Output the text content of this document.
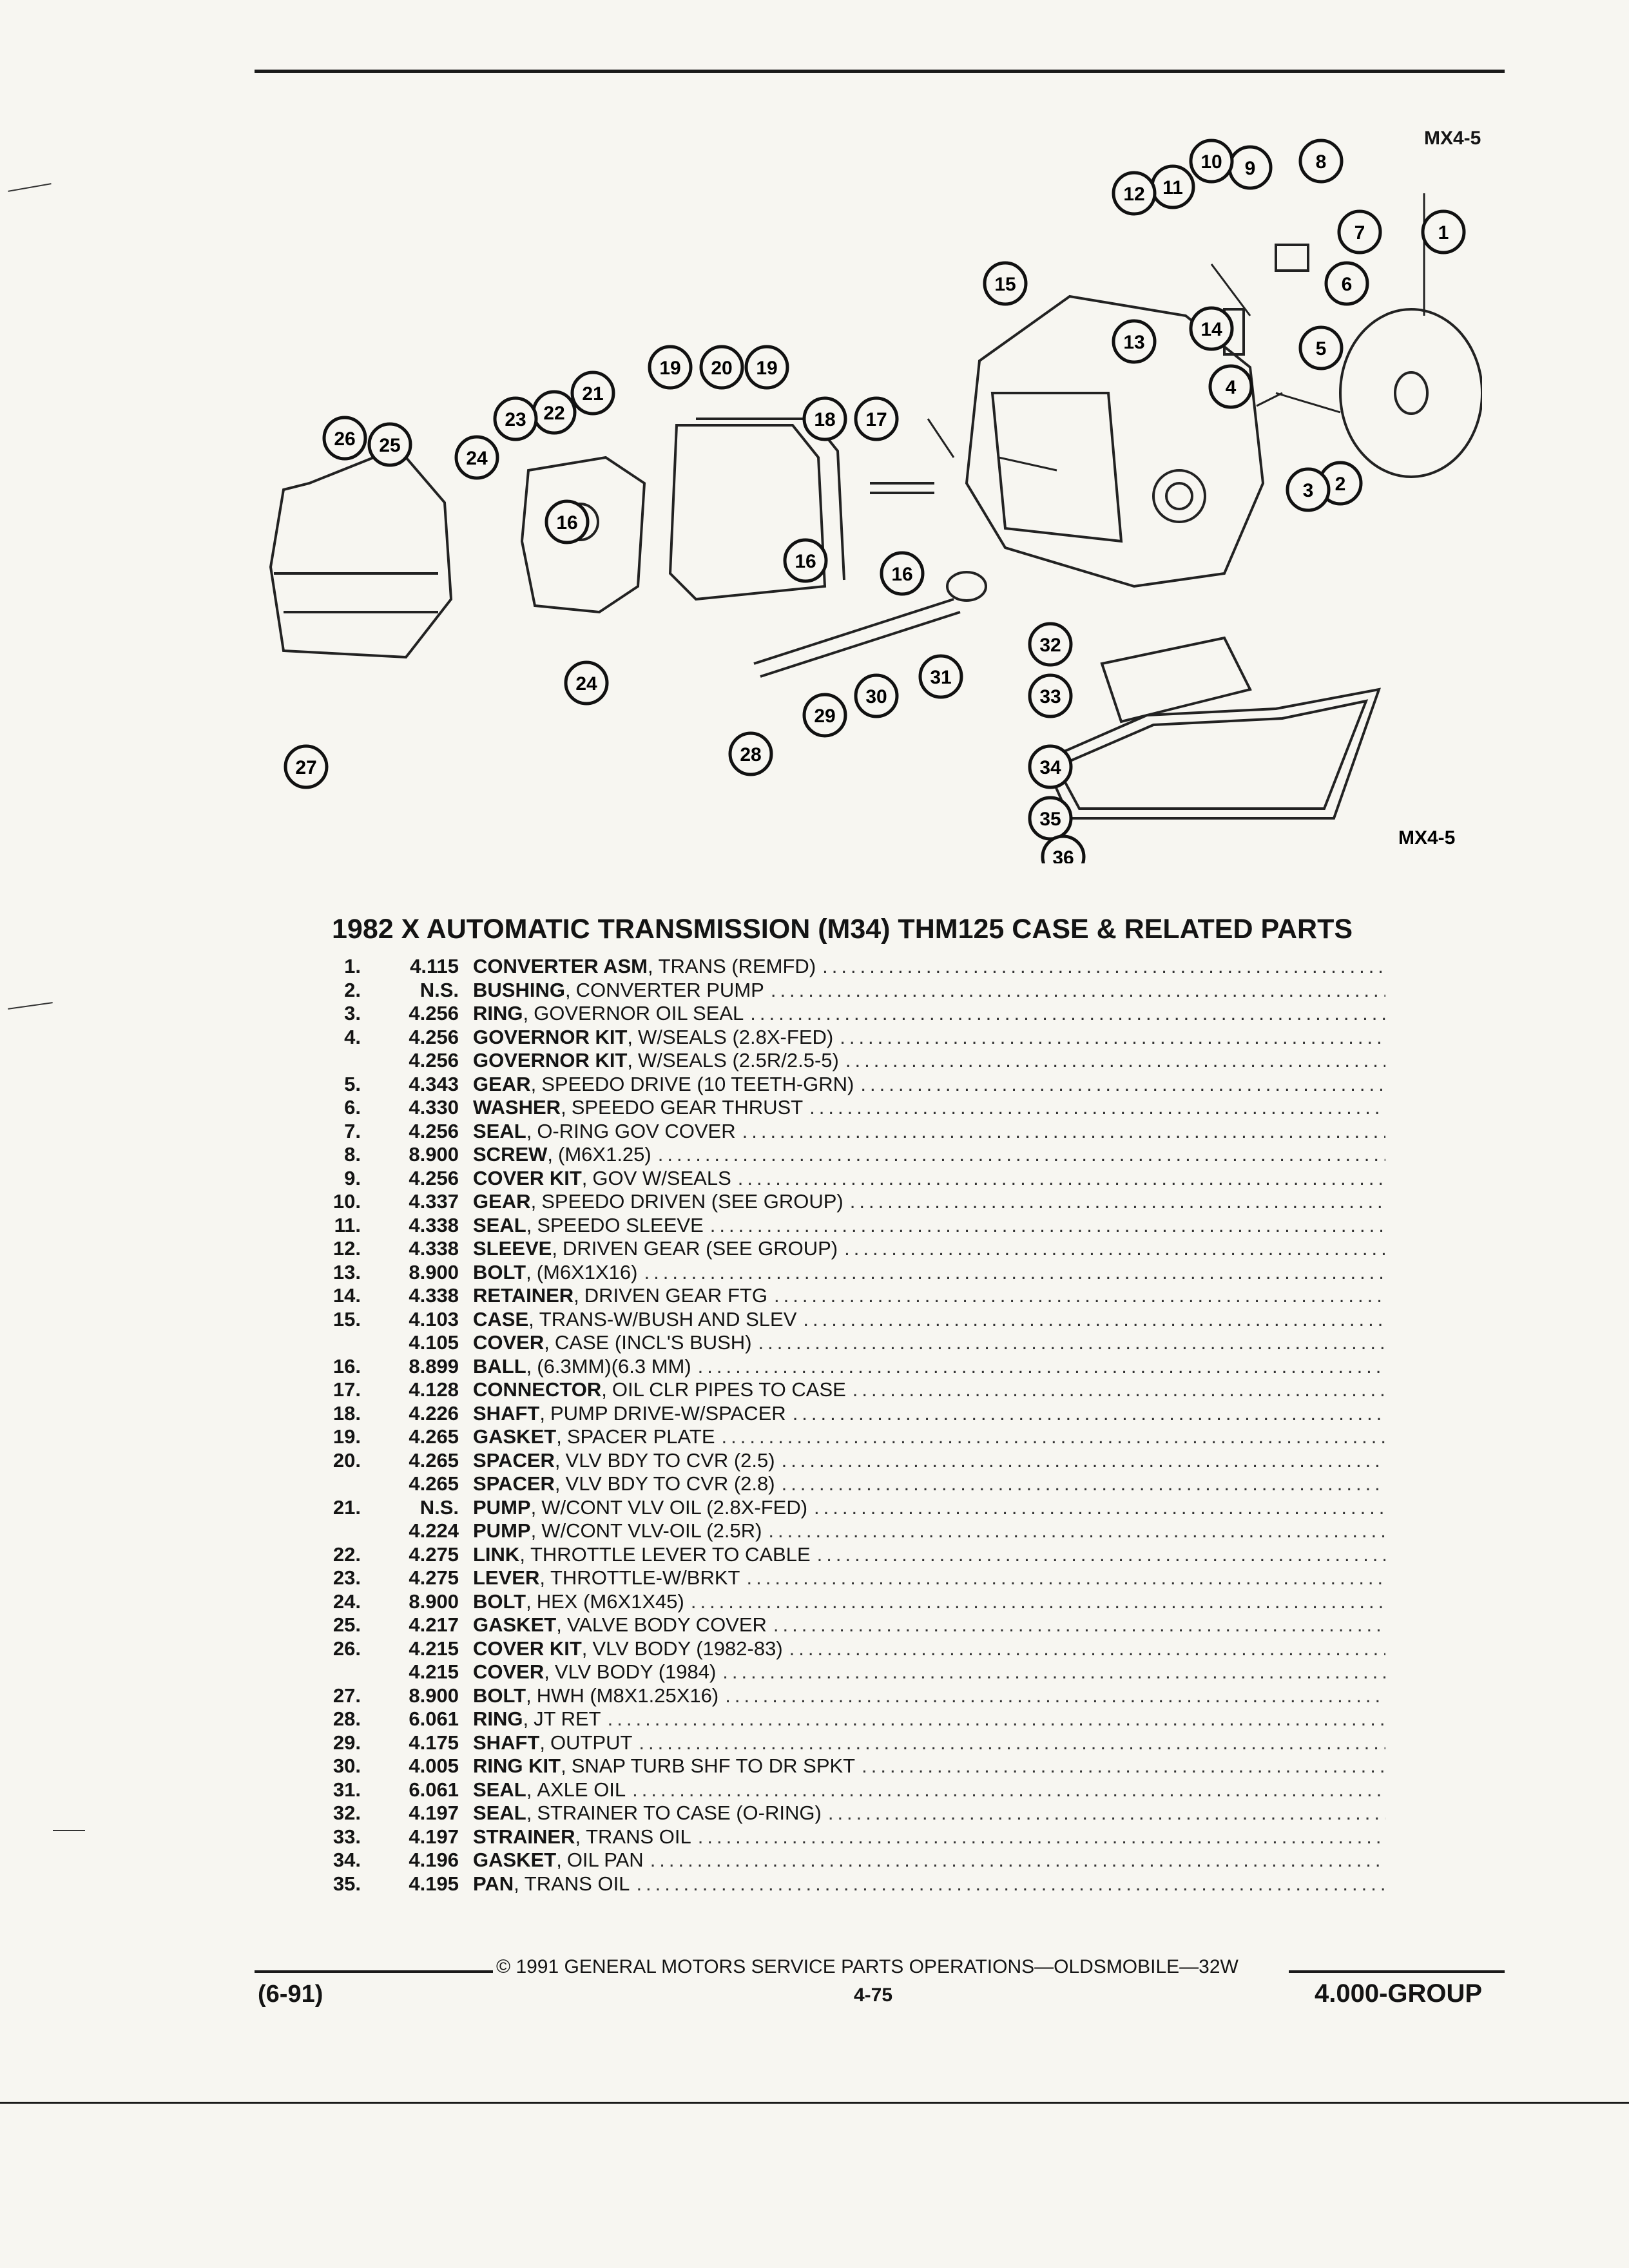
MX4-5
1
2
3
4
5
6
7
8
9
10
11
12
13
14
15
16
16
16
17
18
19 20 19
21
22
23
24
24
25
26
27
28
29
30
31
32
33
34
35
36
MX4-5
1982 X AUTOMATIC TRANSMISSION (M34) THM125 CASE & RELATED PARTS
1.	4.115 CONVERTER ASM , TRANS (REMFD)
.....
2.	N.S. BUSHING , CONVERTER PUMP
.....
3.	4.256 RING , GOVERNOR OIL SEAL
.....
4.	4.256 GOVERNOR KIT , W/SEALS (2.8X-FED)
.....
4.256 GOVERNOR KIT , W/SEALS (2.5R/2.5-5)
.....
5.	4.343 GEAR , SPEEDO DRIVE (10 TEETH-GRN)
.....
6.	4.330 WASHER , SPEEDO GEAR THRUST
.....
7.	4.256 SEAL , O-RING GOV COVER
.....
8.	8.900 SCREW , (M6X1.25)
.....
9.	4.256 COVER KIT , GOV W/SEALS
.....
10.	4.337 GEAR , SPEEDO DRIVEN (SEE GROUP)
.....
11.	4.338 SEAL , SPEEDO SLEEVE
.....
12.	4.338 SLEEVE , DRIVEN GEAR (SEE GROUP)
.....
13.	8.900 BOLT , (M6X1X16)
.....
14.	4.338 RETAINER , DRIVEN GEAR FTG
.....
15.	4.103 CASE , TRANS-W/BUSH AND SLEV
.....
4.105 COVER , CASE (INCL'S BUSH)
.....
16.	8.899 BALL , (6.3MM)(6.3 MM)
.....
17.	4.128 CONNECTOR , OIL CLR PIPES TO CASE
.....
18.	4.226 SHAFT , PUMP DRIVE-W/SPACER
.....
19.	4.265 GASKET , SPACER PLATE
.....
20.	4.265 SPACER , VLV BDY TO CVR (2.5)
.....
4.265 SPACER , VLV BDY TO CVR (2.8)
.....
21.	N.S. PUMP , W/CONT VLV OIL (2.8X-FED)
.....
4.224 PUMP , W/CONT VLV-OIL (2.5R)
.....
22.	4.275 LINK , THROTTLE LEVER TO CABLE
.....
23.	4.275 LEVER , THROTTLE-W/BRKT
.....
24.	8.900 BOLT , HEX (M6X1X45)
.....
25.	4.217 GASKET , VALVE BODY COVER
.....
26.	4.215 COVER KIT , VLV BODY (1982-83)
.....
4.215 COVER , VLV BODY (1984)
.....
27.	8.900 BOLT , HWH (M8X1.25X16)
.....
28.	6.061 RING , JT RET
.....
29.	4.175 SHAFT , OUTPUT
.....
30.	4.005 RING KIT , SNAP TURB SHF TO DR SPKT
.....
31.	6.061 SEAL , AXLE OIL
.....
32.	4.197 SEAL , STRAINER TO CASE (O-RING)
.....
33.	4.197 STRAINER , TRANS OIL
.....
34.	4.196 GASKET , OIL PAN
.....
35.	4.195 PAN , TRANS OIL
.....
© 1991 GENERAL MOTORS SERVICE PARTS OPERATIONS—OLDSMOBILE—32W
(6-91)	4-75	4.000-GROUP
